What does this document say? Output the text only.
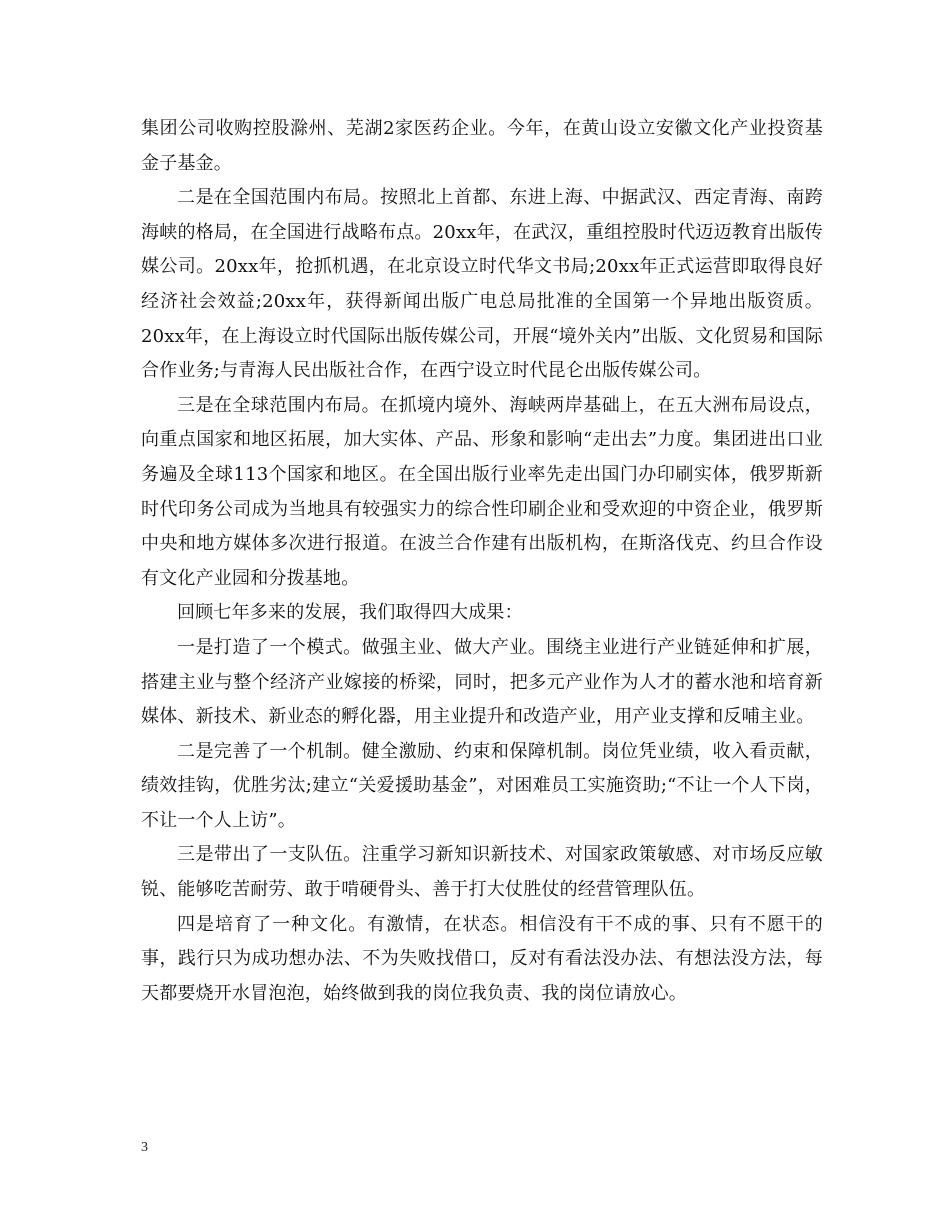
集团公司收购控股滁州、芜湖2家医药企业。今年，在黄山设立安徽文化产业投资基金子基金。

二是在全国范围内布局。按照北上首都、东进上海、中据武汉、西定青海、南跨海峡的格局，在全国进行战略布点。20xx年，在武汉，重组控股时代迈迈教育出版传媒公司。20xx年，抢抓机遇，在北京设立时代华文书局;20xx年正式运营即取得良好经济社会效益;20xx年，获得新闻出版广电总局批准的全国第一个异地出版资质。20xx年，在上海设立时代国际出版传媒公司，开展“境外关内”出版、文化贸易和国际合作业务;与青海人民出版社合作，在西宁设立时代昆仑出版传媒公司。

三是在全球范围内布局。在抓境内境外、海峡两岸基础上，在五大洲布局设点，向重点国家和地区拓展，加大实体、产品、形象和影响“走出去”力度。集团进出口业务遍及全球113个国家和地区。在全国出版行业率先走出国门办印刷实体，俄罗斯新时代印务公司成为当地具有较强实力的综合性印刷企业和受欢迎的中资企业，俄罗斯中央和地方媒体多次进行报道。在波兰合作建有出版机构，在斯洛伐克、约旦合作设有文化产业园和分拨基地。

回顾七年多来的发展，我们取得四大成果：

一是打造了一个模式。做强主业、做大产业。围绕主业进行产业链延伸和扩展，搭建主业与整个经济产业嫁接的桥梁，同时，把多元产业作为人才的蓄水池和培育新媒体、新技术、新业态的孵化器，用主业提升和改造产业，用产业支撑和反哺主业。

二是完善了一个机制。健全激励、约束和保障机制。岗位凭业绩，收入看贡献，绩效挂钩，优胜劣汰;建立“关爱援助基金”，对困难员工实施资助;“不让一个人下岗，不让一个人上访”。

三是带出了一支队伍。注重学习新知识新技术、对国家政策敏感、对市场反应敏锐、能够吃苦耐劳、敢于啃硬骨头、善于打大仗胜仗的经营管理队伍。

四是培育了一种文化。有激情，在状态。相信没有干不成的事、只有不愿干的事，践行只为成功想办法、不为失败找借口，反对有看法没办法、有想法没方法，每天都要烧开水冒泡泡，始终做到我的岗位我负责、我的岗位请放心。

3
